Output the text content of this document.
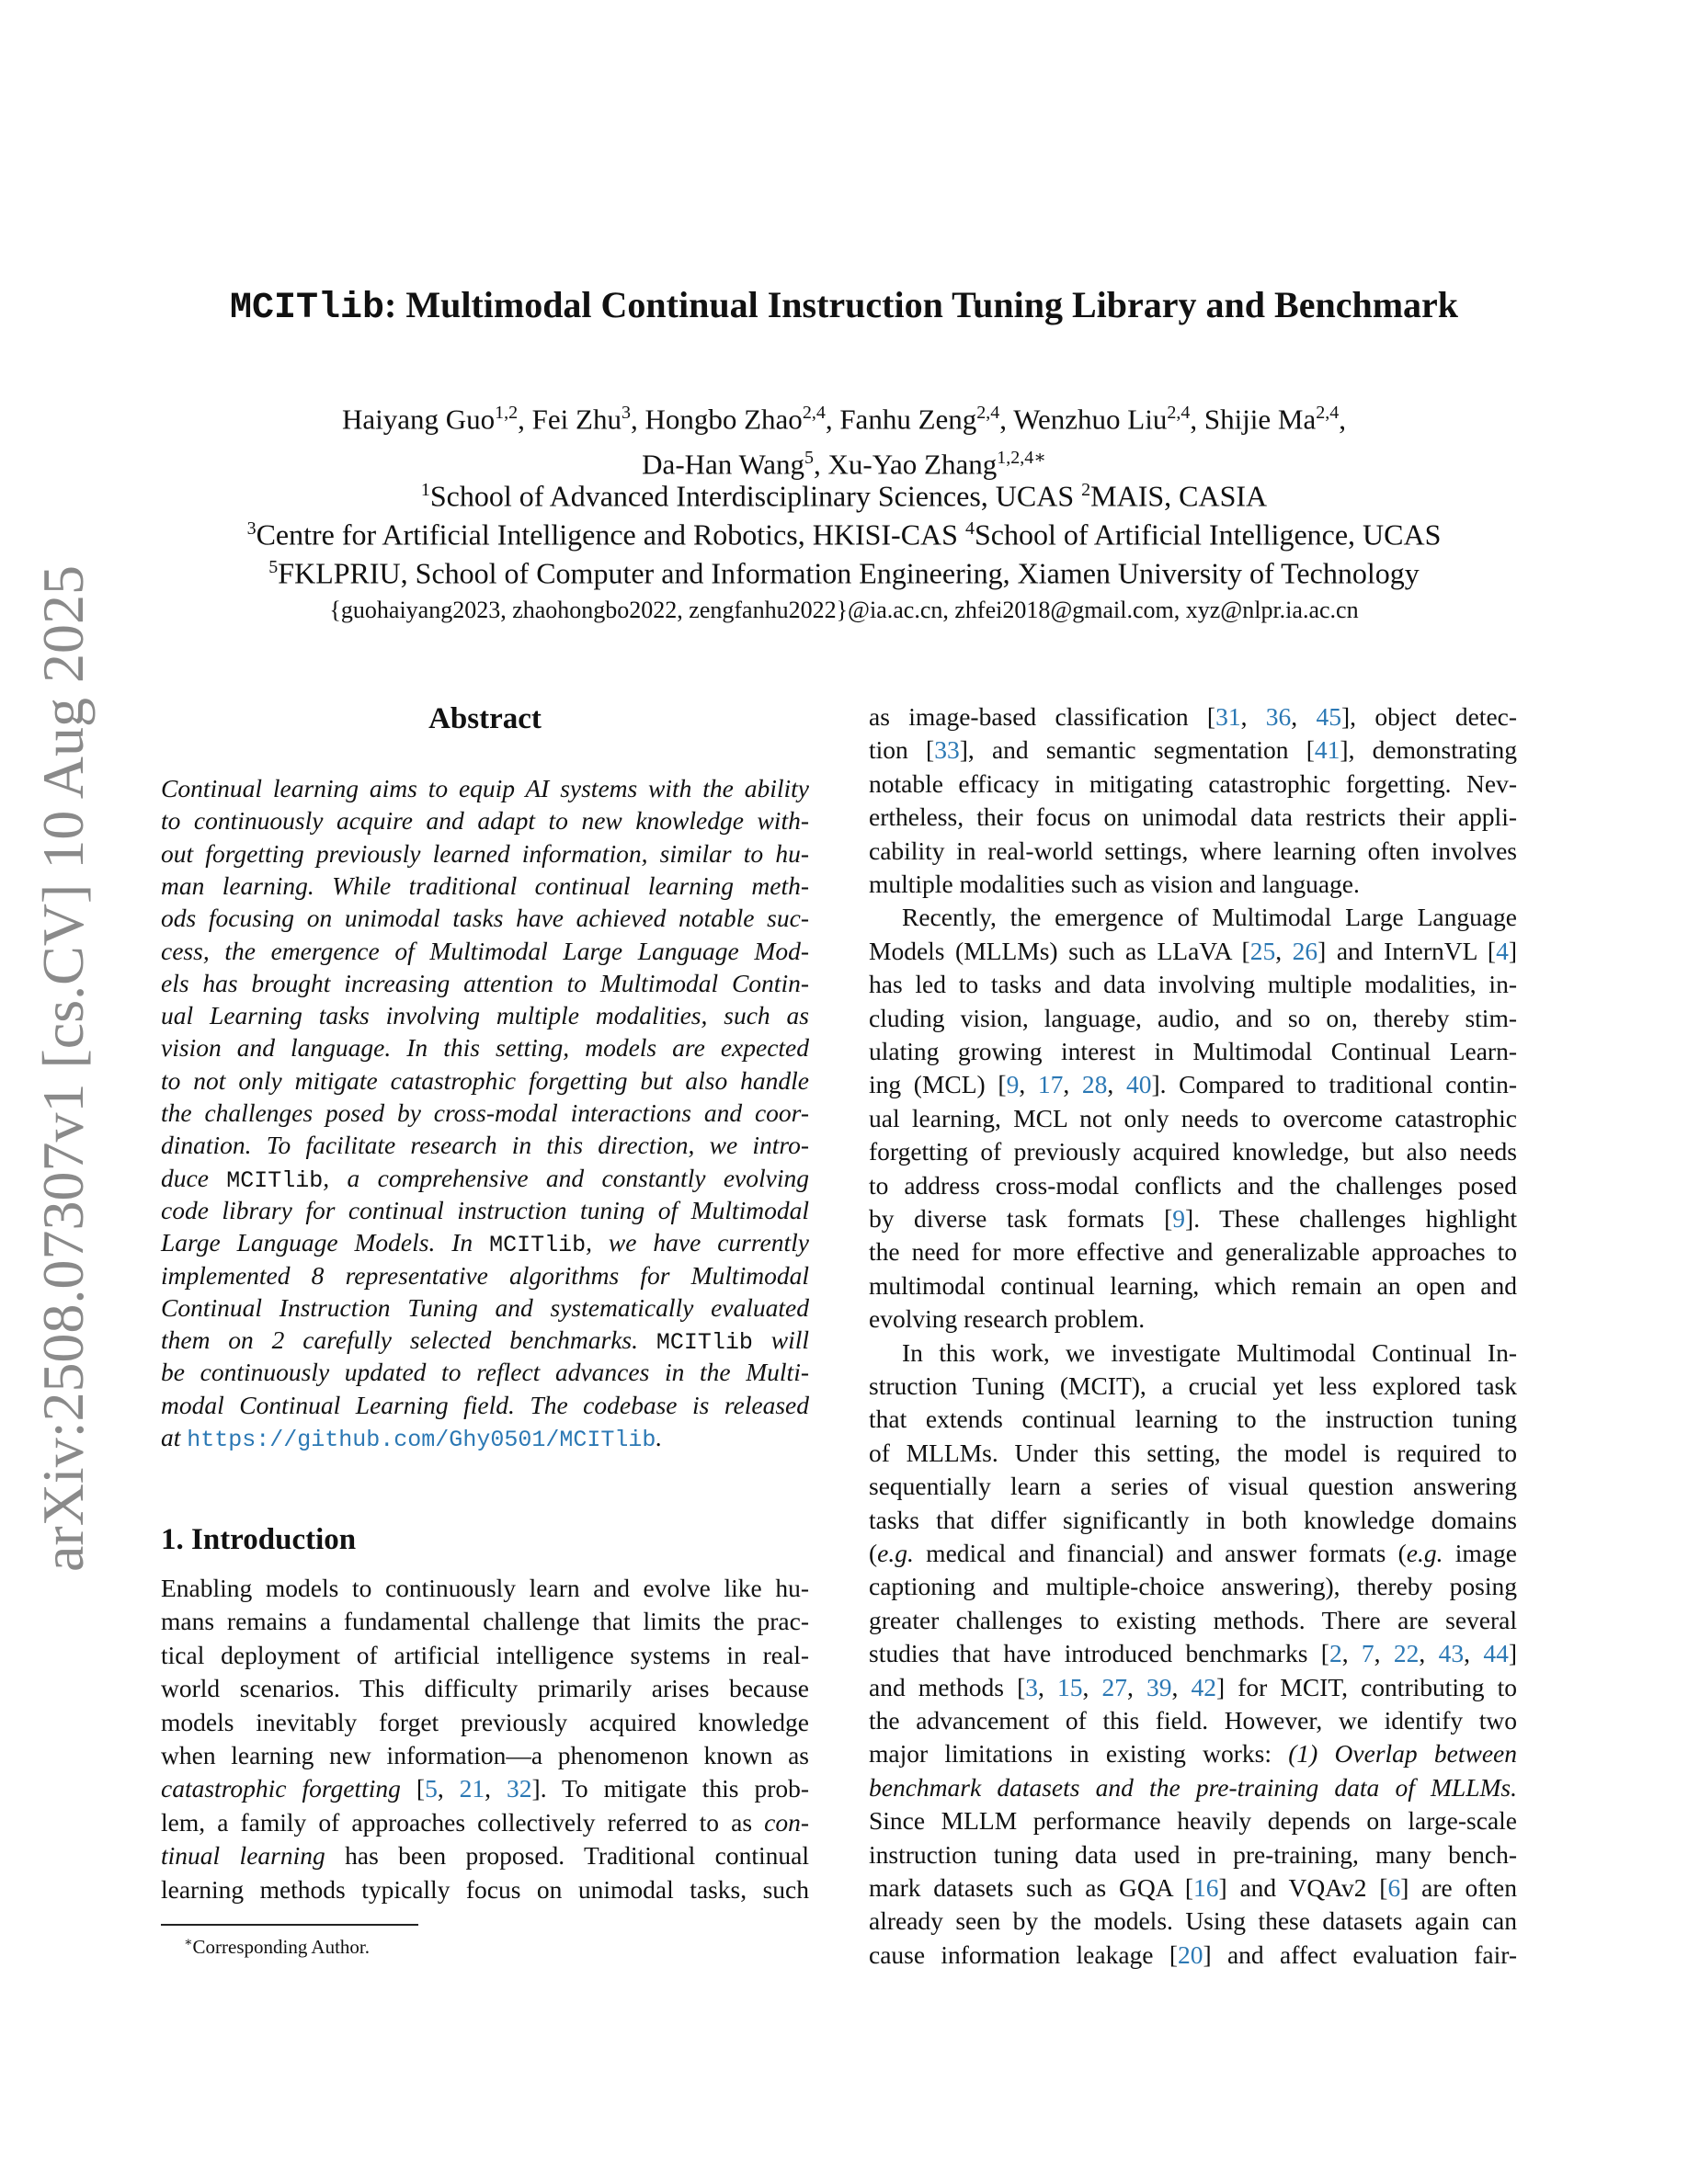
arXiv:2508.07307v1 [cs.CV] 10 Aug 2025
MCITlib: Multimodal Continual Instruction Tuning Library and Benchmark
Haiyang Guo$^{1,2}$, Fei Zhu$^3$, Hongbo Zhao$^{2,4}$, Fanhu Zeng$^{2,4}$, Wenzhuo Liu$^{2,4}$, Shijie Ma$^{2,4}$,
Da-Han Wang$^5$, Xu-Yao Zhang$^{1,2,4∗}$
$^1$School of Advanced Interdisciplinary Sciences, UCAS $^2$MAIS, CASIA
$^3$Centre for Artificial Intelligence and Robotics, HKISI-CAS $^4$School of Artificial Intelligence, UCAS
$^5$FKLPRIU, School of Computer and Information Engineering, Xiamen University of Technology
{guohaiyang2023, zhaohongbo2022, zengfanhu2022}@ia.ac.cn, zhfei2018@gmail.com, xyz@nlpr.ia.ac.cn
Abstract
Continual learning aims to equip AI systems with the ability
to continuously acquire and adapt to new knowledge with-
out forgetting previously learned information, similar to hu-
man learning. While traditional continual learning meth-
ods focusing on unimodal tasks have achieved notable suc-
cess, the emergence of Multimodal Large Language Mod-
els has brought increasing attention to Multimodal Contin-
ual Learning tasks involving multiple modalities, such as
vision and language. In this setting, models are expected
to not only mitigate catastrophic forgetting but also handle
the challenges posed by cross-modal interactions and coor-
dination. To facilitate research in this direction, we intro-
duce MCITlib, a comprehensive and constantly evolving
code library for continual instruction tuning of Multimodal
Large Language Models. In MCITlib, we have currently
implemented 8 representative algorithms for Multimodal
Continual Instruction Tuning and systematically evaluated
them on 2 carefully selected benchmarks. MCITlib will
be continuously updated to reflect advances in the Multi-
modal Continual Learning field. The codebase is released
at https://github.com/Ghy0501/MCITlib.
1. Introduction
Enabling models to continuously learn and evolve like hu-
mans remains a fundamental challenge that limits the prac-
tical deployment of artificial intelligence systems in real-
world scenarios. This difficulty primarily arises because
models inevitably forget previously acquired knowledge
when learning new information—a phenomenon known as
catastrophic forgetting [5, 21, 32]. To mitigate this prob-
lem, a family of approaches collectively referred to as con-
tinual learning has been proposed. Traditional continual
learning methods typically focus on unimodal tasks, such
as image-based classification [31, 36, 45], object detec-
tion [33], and semantic segmentation [41], demonstrating
notable efficacy in mitigating catastrophic forgetting. Nev-
ertheless, their focus on unimodal data restricts their appli-
cability in real-world settings, where learning often involves
multiple modalities such as vision and language.
Recently, the emergence of Multimodal Large Language
Models (MLLMs) such as LLaVA [25, 26] and InternVL [4]
has led to tasks and data involving multiple modalities, in-
cluding vision, language, audio, and so on, thereby stim-
ulating growing interest in Multimodal Continual Learn-
ing (MCL) [9, 17, 28, 40]. Compared to traditional contin-
ual learning, MCL not only needs to overcome catastrophic
forgetting of previously acquired knowledge, but also needs
to address cross-modal conflicts and the challenges posed
by diverse task formats [9]. These challenges highlight
the need for more effective and generalizable approaches to
multimodal continual learning, which remain an open and
evolving research problem.
In this work, we investigate Multimodal Continual In-
struction Tuning (MCIT), a crucial yet less explored task
that extends continual learning to the instruction tuning
of MLLMs. Under this setting, the model is required to
sequentially learn a series of visual question answering
tasks that differ significantly in both knowledge domains
(e.g. medical and financial) and answer formats (e.g. image
captioning and multiple-choice answering), thereby posing
greater challenges to existing methods. There are several
studies that have introduced benchmarks [2, 7, 22, 43, 44]
and methods [3, 15, 27, 39, 42] for MCIT, contributing to
the advancement of this field. However, we identify two
major limitations in existing works: (1) Overlap between
benchmark datasets and the pre-training data of MLLMs.
Since MLLM performance heavily depends on large-scale
instruction tuning data used in pre-training, many bench-
mark datasets such as GQA [16] and VQAv2 [6] are often
already seen by the models. Using these datasets again can
cause information leakage [20] and affect evaluation fair-
∗Corresponding Author.
